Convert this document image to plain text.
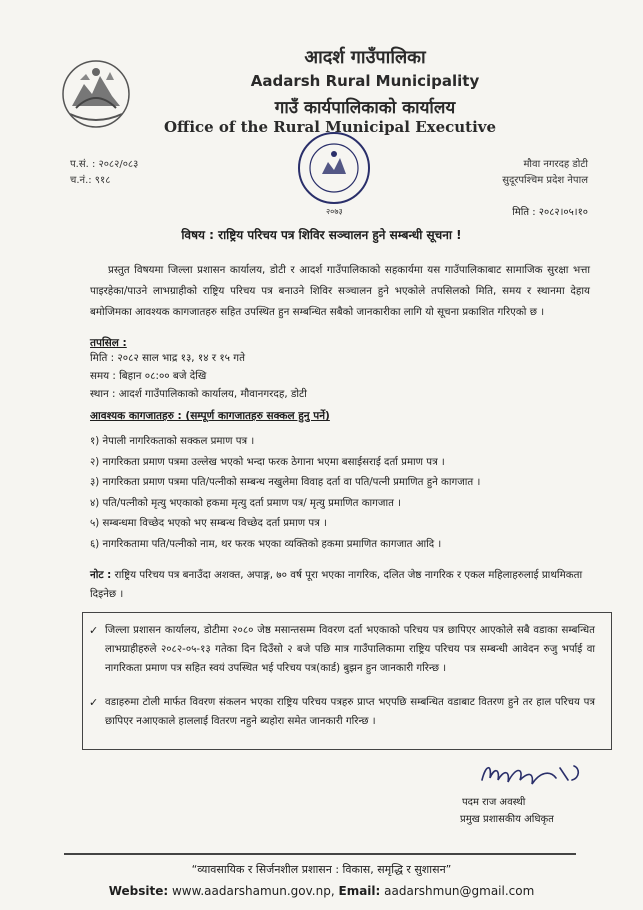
आदर्श गाउँपालिका
Aadarsh Rural Municipality
गाउँ कार्यपालिकाको कार्यालय
Office of the Rural Municipal Executive
प.सं. : २०८२/०८३
च.नं.: ९१८
मौवा नगरदह डोटी
सुदूरपश्चिम प्रदेश नेपाल
२०७३	मिति : २०८२।०५।१०
विषय : राष्ट्रिय परिचय पत्र शिविर सञ्चालन हुने सम्बन्धी सूचना !
प्रस्तुत विषयमा जिल्ला प्रशासन कार्यालय, डोटी र आदर्श गाउँपालिकाको सहकार्यमा यस गाउँपालिकाबाट सामाजिक सुरक्षा भत्ता पाइरहेका/पाउने लाभग्राहीको राष्ट्रिय परिचय पत्र बनाउने शिविर सञ्चालन हुने भएकोले तपसिलको मिति, समय र स्थानमा देहाय बमोजिमका आवश्यक कागजातहरु सहित उपस्थित हुन सम्बन्धित सबैको जानकारीका लागि यो सूचना प्रकाशित गरिएको छ ।
तपसिल :
मिति : २०८२ साल भाद्र १३, १४ र १५ गते
समय : बिहान ०८:०० बजे देखि
स्थान : आदर्श गाउँपालिकाको कार्यालय, मौवानगरदह, डोटी
आवश्यक कागजातहरु : (सम्पूर्ण कागजातहरु सक्कल हुनु पर्ने)
१) नेपाली नागरिकताको सक्कल प्रमाण पत्र ।
२) नागरिकता प्रमाण पत्रमा उल्लेख भएको भन्दा फरक ठेगाना भएमा बसाईसराई दर्ता प्रमाण पत्र ।
३) नागरिकता प्रमाण पत्रमा पति/पत्नीको सम्बन्ध नखुलेमा विवाह दर्ता वा पति/पत्नी प्रमाणित हुने कागजात ।
४) पति/पत्नीको मृत्यु भएकाको हकमा मृत्यु दर्ता प्रमाण पत्र/ मृत्यु प्रमाणित कागजात ।
५) सम्बन्धमा विच्छेद भएको भए सम्बन्ध विच्छेद दर्ता प्रमाण पत्र ।
६) नागरिकतामा पति/पत्नीको नाम, थर फरक भएका व्यक्तिको हकमा प्रमाणित कागजात आदि ।
नोट : राष्ट्रिय परिचय पत्र बनाउँदा अशक्त, अपाङ्ग, ७० वर्ष पूरा भएका नागरिक, दलित जेष्ठ नागरिक र एकल महिलाहरुलाई प्राथमिकता दिइनेछ ।
✓ जिल्ला प्रशासन कार्यालय, डोटीमा २०८० जेष्ठ मसान्तसम्म विवरण दर्ता भएकाको परिचय पत्र छापिएर आएकोले सबै वडाका सम्बन्धित लाभग्राहीहरुले २०८२-०५-१३ गतेका दिन दिउँसो २ बजे पछि मात्र गाउँपालिकामा राष्ट्रिय परिचय पत्र सम्बन्धी आवेदन रुजु भर्पाई वा नागरिकता प्रमाण पत्र सहित स्वयं उपस्थित भई परिचय पत्र(कार्ड) बुझन हुन जानकारी गरिन्छ ।
✓ वडाहरुमा टोली मार्फत विवरण संकलन भएका राष्ट्रिय परिचय पत्रहरु प्राप्त भएपछि सम्बन्धित वडाबाट वितरण हुने तर हाल परिचय पत्र छापिएर नआएकाले हाललाई वितरण नहुने ब्यहोरा समेत जानकारी गरिन्छ ।
पदम राज अवस्थी
प्रमुख प्रशासकीय अधिकृत
“व्यावसायिक र सिर्जनशील प्रशासन : विकास, समृद्धि र सुशासन”
Website: www.aadarshamun.gov.np, Email: aadarshmun@gmail.com
